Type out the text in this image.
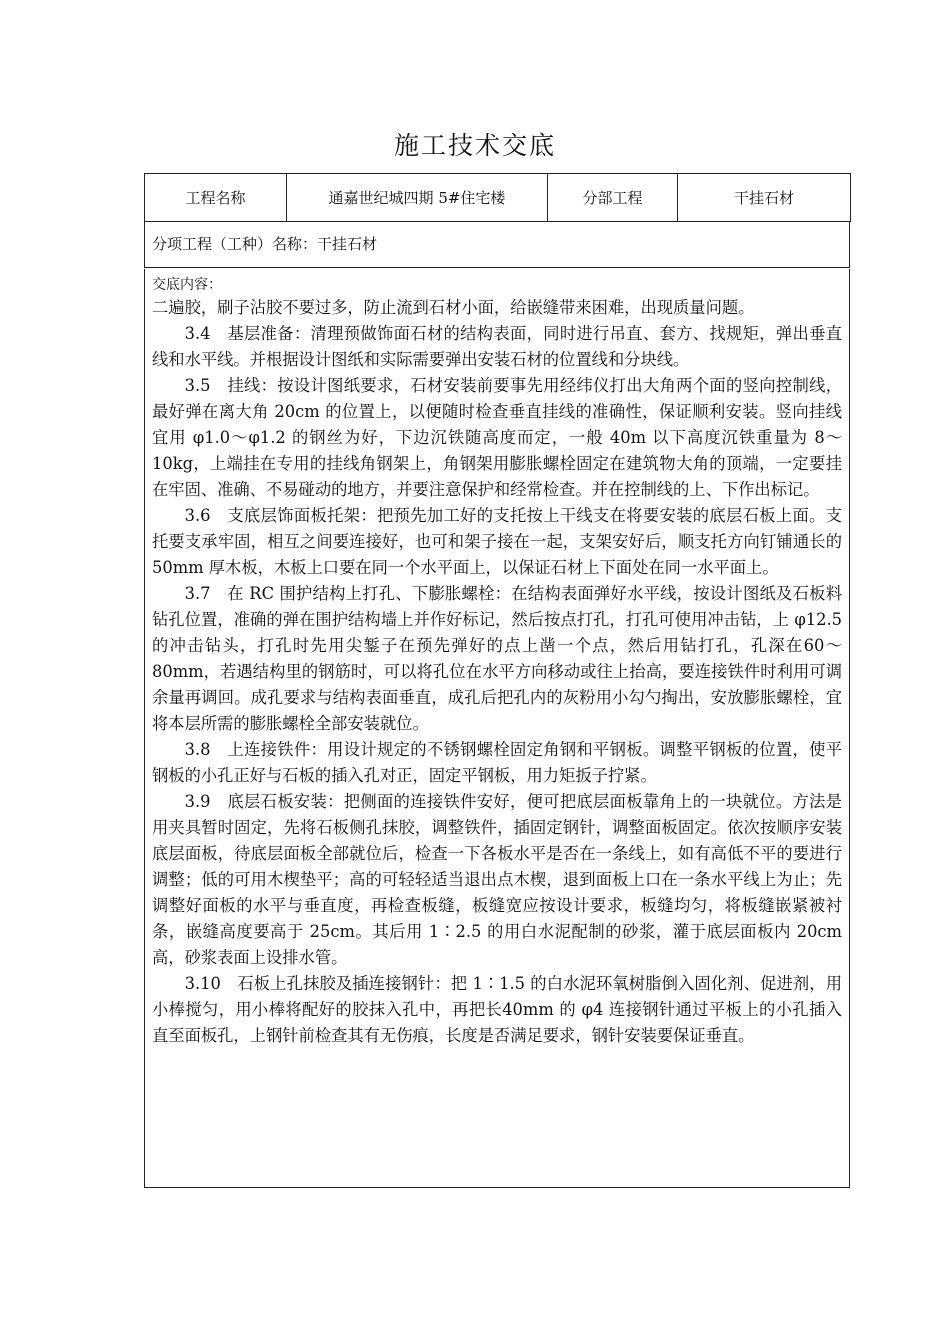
施工技术交底
工程名称	通嘉世纪城四期 5#住宅楼	分部工程	干挂石材
分项工程（工种）名称：干挂石材
交底内容：

二遍胶，刷子沾胶不要过多，防止流到石材小面，给嵌缝带来困难，出现质量问题。

3.4　基层准备：清理预做饰面石材的结构表面，同时进行吊直、套方、找规矩，弹出垂直线和水平线。并根据设计图纸和实际需要弹出安装石材的位置线和分块线。

3.5　挂线：按设计图纸要求，石材安装前要事先用经纬仪打出大角两个面的竖向控制线，最好弹在离大角 20cm 的位置上，以便随时检查垂直挂线的准确性，保证顺利安装。竖向挂线宜用 φ1.0～φ1.2 的钢丝为好，下边沉铁随高度而定，一般 40m 以下高度沉铁重量为 8～10kg，上端挂在专用的挂线角钢架上，角钢架用膨胀螺栓固定在建筑物大角的顶端，一定要挂在牢固、准确、不易碰动的地方，并要注意保护和经常检查。并在控制线的上、下作出标记。

3.6　支底层饰面板托架：把预先加工好的支托按上干线支在将要安装的底层石板上面。支托要支承牢固，相互之间要连接好，也可和架子接在一起，支架安好后，顺支托方向钉铺通长的 50mm 厚木板，木板上口要在同一个水平面上，以保证石材上下面处在同一水平面上。

3.7　在 RC 围护结构上打孔、下膨胀螺栓：在结构表面弹好水平线，按设计图纸及石板料钻孔位置，准确的弹在围护结构墙上并作好标记，然后按点打孔，打孔可使用冲击钻，上 φ12.5 的冲击钻头，打孔时先用尖錾子在预先弹好的点上凿一个点，然后用钻打孔，孔深在60～80mm，若遇结构里的钢筋时，可以将孔位在水平方向移动或往上抬高，要连接铁件时利用可调余量再调回。成孔要求与结构表面垂直，成孔后把孔内的灰粉用小勾勺掏出，安放膨胀螺栓，宜将本层所需的膨胀螺栓全部安装就位。

3.8　上连接铁件：用设计规定的不锈钢螺栓固定角钢和平钢板。调整平钢板的位置，使平钢板的小孔正好与石板的插入孔对正，固定平钢板，用力矩扳子拧紧。

3.9　底层石板安装：把侧面的连接铁件安好，便可把底层面板靠角上的一块就位。方法是用夹具暂时固定，先将石板侧孔抹胶，调整铁件，插固定钢针，调整面板固定。依次按顺序安装底层面板，待底层面板全部就位后，检查一下各板水平是否在一条线上，如有高低不平的要进行调整；低的可用木楔垫平；高的可轻轻适当退出点木楔，退到面板上口在一条水平线上为止；先调整好面板的水平与垂直度，再检查板缝，板缝宽应按设计要求，板缝均匀，将板缝嵌紧被衬条，嵌缝高度要高于 25cm。其后用 1∶2.5 的用白水泥配制的砂浆，灌于底层面板内 20cm 高，砂浆表面上设排水管。

3.10　石板上孔抹胶及插连接钢针：把 1∶1.5 的白水泥环氧树脂倒入固化剂、促进剂，用小棒搅匀，用小棒将配好的胶抹入孔中，再把长40mm 的 φ4 连接钢针通过平板上的小孔插入直至面板孔，上钢针前检查其有无伤痕，长度是否满足要求，钢针安装要保证垂直。
